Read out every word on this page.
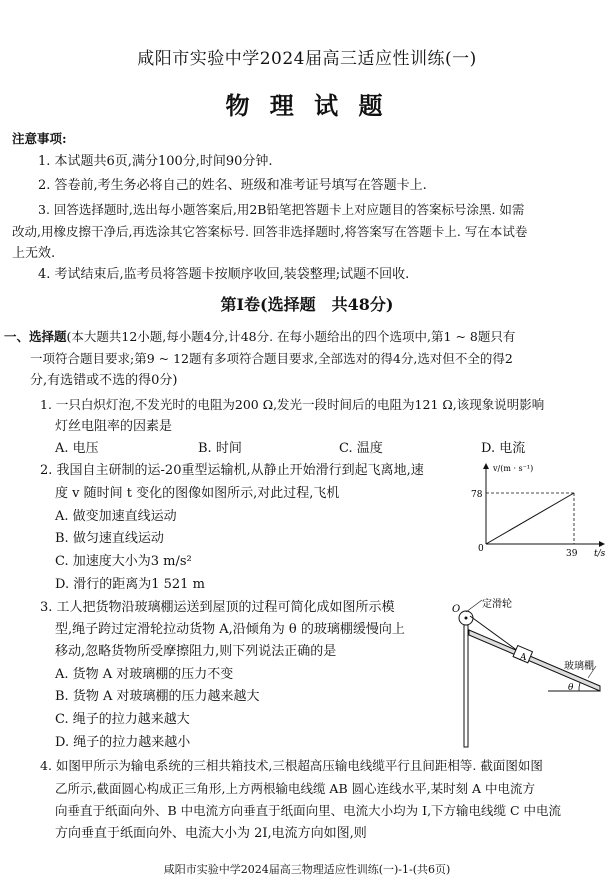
咸阳市实验中学2024届高三适应性训练(一)
物 理 试 题
注意事项:
1. 本试题共6页,满分100分,时间90分钟.
2. 答卷前,考生务必将自己的姓名、班级和准考证号填写在答题卡上.
3. 回答选择题时,选出每小题答案后,用2B铅笔把答题卡上对应题目的答案标号涂黑. 如需
改动,用橡皮擦干净后,再选涂其它答案标号. 回答非选择题时,将答案写在答题卡上. 写在本试卷
上无效.
4. 考试结束后,监考员将答题卡按顺序收回,装袋整理;试题不回收.
第Ⅰ卷(选择题　共48分)
一、选择题(本大题共12小题,每小题4分,计48分. 在每小题给出的四个选项中,第1 ~ 8题只有
一项符合题目要求;第9 ~ 12题有多项符合题目要求,全部选对的得4分,选对但不全的得2
分,有选错或不选的得0分)
1. 一只白炽灯泡,不发光时的电阻为200 Ω,发光一段时间后的电阻为121 Ω,该现象说明影响
灯丝电阻率的因素是
A. 电压	B. 时间	C. 温度	D. 电流
2. 我国自主研制的运-20重型运输机,从静止开始滑行到起飞离地,速
度 v 随时间 t 变化的图像如图所示,对此过程,飞机
A. 做变加速直线运动
B. 做匀速直线运动
C. 加速度大小为3 m/s²
D. 滑行的距离为1 521 m
v/(m · s⁻¹)
t/s
0
78
39
3. 工人把货物沿玻璃棚运送到屋顶的过程可简化成如图所示模
型,绳子跨过定滑轮拉动货物 A,沿倾角为 θ 的玻璃棚缓慢向上
移动,忽略货物所受摩擦阻力,则下列说法正确的是
A. 货物 A 对玻璃棚的压力不变
B. 货物 A 对玻璃棚的压力越来越大
C. 绳子的拉力越来越大
D. 绳子的拉力越来越小
O 定滑轮
A
玻璃棚
θ
4. 如图甲所示为输电系统的三相共箱技术,三根超高压输电线缆平行且间距相等. 截面图如图
乙所示,截面圆心构成正三角形,上方两根输电线缆 AB 圆心连线水平,某时刻 A 中电流方
向垂直于纸面向外、B 中电流方向垂直于纸面向里、电流大小均为 I,下方输电线缆 C 中电流
方向垂直于纸面向外、电流大小为 2I,电流方向如图,则
咸阳市实验中学2024届高三物理适应性训练(一)-1-(共6页)
